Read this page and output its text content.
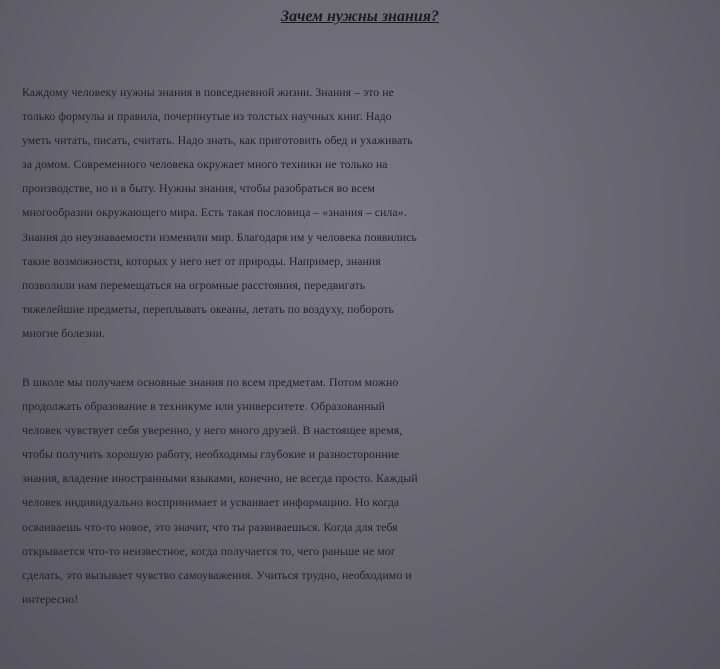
Зачем нужны знания?

Каждому человеку нужны знания в повседневной жизни. Знания – это не
только формулы и правила, почерпнутые из толстых научных книг. Надо
уметь читать, писать, считать. Надо знать, как приготовить обед и ухаживать
за домом. Современного человека окружает много техники не только на
производстве, но и в быту. Нужны знания, чтобы разобраться во всем
многообразии окружающего мира. Есть такая пословица – «знания – сила».
Знания до неузнаваемости изменили мир. Благодаря им у человека появились
такие возможности, которых у него нет от природы. Например, знания
позволили нам перемещаться на огромные расстояния, передвигать
тяжелейшие предметы, переплывать океаны, летать по воздуху, побороть
многие болезни.

В школе мы получаем основные знания по всем предметам. Потом можно
продолжать образование в техникуме или университете. Образованный
человек чувствует себя уверенно, у него много друзей. В настоящее время,
чтобы получить хорошую работу, необходимы глубокие и разносторонние
знания, владение иностранными языками, конечно, не всегда просто. Каждый
человек индивидуально воспринимает и усваивает информацию. Но когда
осваиваешь что-то новое, это значит, что ты развиваешься. Когда для тебя
открывается что-то неизвестное, когда получается то, чего раньше не мог
сделать, это вызывает чувство самоуважения. Учиться трудно, необходимо и
интересно!
